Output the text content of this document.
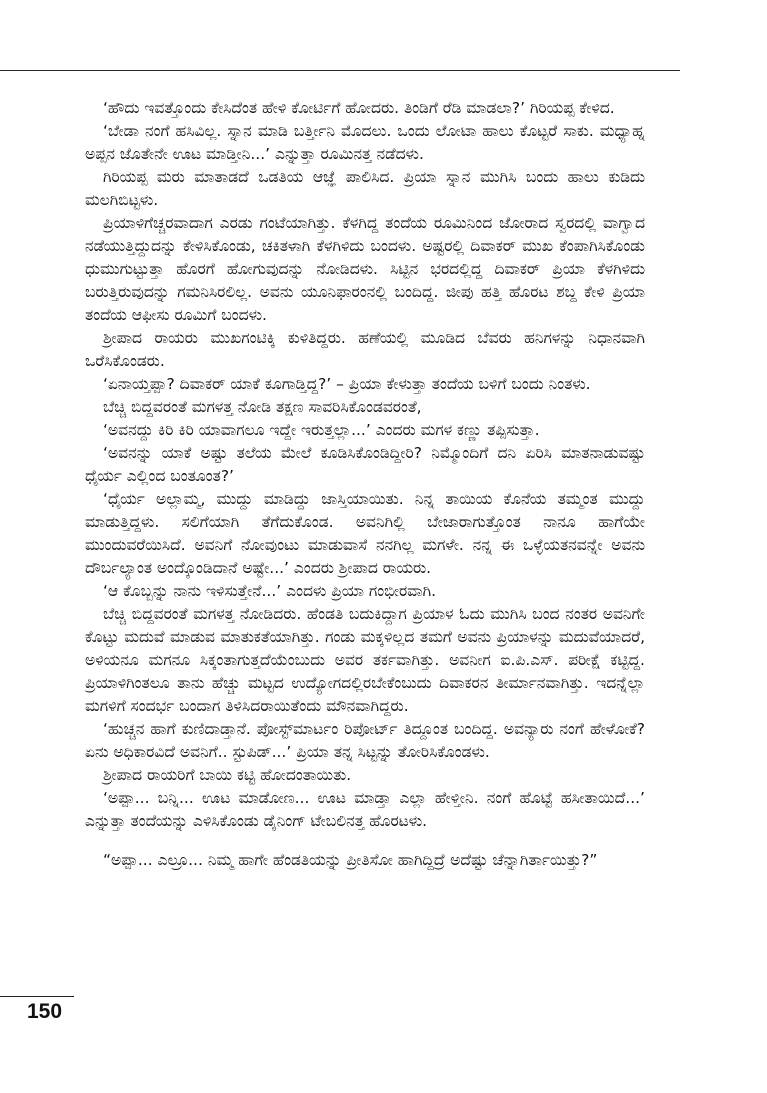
‘ಹೌದು ಇವತ್ತೊಂದು ಕೇಸಿದೆಂತ ಹೇಳಿ ಕೋರ್ಟಿಗೆ ಹೋದರು. ತಿಂಡಿಗೆ ರೆಡಿ ಮಾಡಲಾ?’ ಗಿರಿಯಪ್ಪ ಕೇಳಿದ.

‘ಬೇಡಾ ನಂಗೆ ಹಸಿವಿಲ್ಲ. ಸ್ನಾನ ಮಾಡಿ ಬರ್ತ್ತೀನಿ ಮೊದಲು. ಒಂದು ಲೋಟಾ ಹಾಲು ಕೊಟ್ಟರೆ ಸಾಕು. ಮಧ್ಯಾಹ್ನ ಅಪ್ಪನ ಜೊತೇನೇ ಊಟ ಮಾಡ್ತೀನಿ...’ ಎನ್ನುತ್ತಾ ರೂಮಿನತ್ತ ನಡೆದಳು.

ಗಿರಿಯಪ್ಪ ಮರು ಮಾತಾಡದೆ ಒಡತಿಯ ಆಜ್ಞೆ ಪಾಲಿಸಿದ. ಪ್ರಿಯಾ ಸ್ನಾನ ಮುಗಿಸಿ ಬಂದು ಹಾಲು ಕುಡಿದು ಮಲಗಿಬಿಟ್ಟಳು.

ಪ್ರಿಯಾಳಿಗೆಚ್ಚರವಾದಾಗ ಎರಡು ಗಂಟೆಯಾಗಿತ್ತು. ಕೆಳಗಿದ್ದ ತಂದೆಯ ರೂಮಿನಿಂದ ಜೋರಾದ ಸ್ವರದಲ್ಲಿ ವಾಗ್ವಾದ ನಡೆಯುತ್ತಿದ್ದುದನ್ನು ಕೇಳಿಸಿಕೊಂಡು, ಚಕಿತಳಾಗಿ ಕೆಳಗಿಳಿದು ಬಂದಳು. ಅಷ್ಟರಲ್ಲಿ ದಿವಾಕರ್ ಮುಖ ಕೆಂಪಾಗಿಸಿಕೊಂಡು ಧುಮುಗುಟ್ಟುತ್ತಾ ಹೊರಗೆ ಹೋಗುವುದನ್ನು ನೋಡಿದಳು. ಸಿಟ್ಟಿನ ಭರದಲ್ಲಿದ್ದ ದಿವಾಕರ್ ಪ್ರಿಯಾ ಕೆಳಗಿಳಿದು ಬರುತ್ತಿರುವುದನ್ನು ಗಮನಿಸಿರಲಿಲ್ಲ. ಅವನು ಯೂನಿಫಾರಂನಲ್ಲಿ ಬಂದಿದ್ದ. ಜೀಪು ಹತ್ತಿ ಹೊರಟ ಶಬ್ದ ಕೇಳಿ ಪ್ರಿಯಾ ತಂದೆಯ ಆಫೀಸು ರೂಮಿಗೆ ಬಂದಳು.

ಶ್ರೀಪಾದ ರಾಯರು ಮುಖಗಂಟಿಕ್ಕಿ ಕುಳಿತಿದ್ದರು. ಹಣೆಯಲ್ಲಿ ಮೂಡಿದ ಬೆವರು ಹನಿಗಳನ್ನು ನಿಧಾನವಾಗಿ ಒರೆಸಿಕೊಂಡರು.

‘ಏನಾಯ್ತಪ್ಪಾ? ದಿವಾಕರ್ ಯಾಕೆ ಕೂಗಾಡ್ತಿದ್ದ?’ – ಪ್ರಿಯಾ ಕೇಳುತ್ತಾ ತಂದೆಯ ಬಳಿಗೆ ಬಂದು ನಿಂತಳು.

ಬೆಚ್ಚಿ ಬಿದ್ದವರಂತೆ ಮಗಳತ್ತ ನೋಡಿ ತಕ್ಷಣ ಸಾವರಿಸಿಕೊಂಡವರಂತೆ,

‘ಅವನದ್ದು ಕಿರಿ ಕಿರಿ ಯಾವಾಗಲೂ ಇದ್ದೇ ಇರುತ್ತಲ್ಲಾ...’ ಎಂದರು ಮಗಳ ಕಣ್ಣು ತಪ್ಪಿಸುತ್ತಾ.

‘ಅವನನ್ನು ಯಾಕೆ ಅಷ್ಟು ತಲೆಯ ಮೇಲೆ ಕೂಡಿಸಿಕೊಂಡಿದ್ದೀರಿ? ನಿಮ್ಮೊಂದಿಗೆ ದನಿ ಏರಿಸಿ ಮಾತನಾಡುವಷ್ಟು ಧೈರ್ಯ ಎಲ್ಲಿಂದ ಬಂತೂಂತ?’

‘ಧೈರ್ಯ ಅಲ್ಲಾಮ್ಮ, ಮುದ್ದು ಮಾಡಿದ್ದು ಜಾಸ್ತಿಯಾಯಿತು. ನಿನ್ನ ತಾಯಿಯ ಕೊನೆಯ ತಮ್ಮಂತ ಮುದ್ದು ಮಾಡುತ್ತಿದ್ದಳು. ಸಲಿಗೆಯಾಗಿ ತೆಗೆದುಕೊಂಡ. ಅವನಿಗಿಲ್ಲಿ ಬೇಜಾರಾಗುತ್ತೊಂತ ನಾನೂ ಹಾಗೆಯೇ ಮುಂದುವರೆಯಿಸಿದೆ. ಅವನಿಗೆ ನೋವುಂಟು ಮಾಡುವಾಸೆ ನನಗಿಲ್ಲ ಮಗಳೇ. ನನ್ನ ಈ ಒಳ್ಳೆಯತನವನ್ನೇ ಅವನು ದೌರ್ಬಲ್ಯಾಂತ ಅಂದ್ಕೊಂಡಿದಾನೆ ಅಷ್ಟೇ...’ ಎಂದರು ಶ್ರೀಪಾದ ರಾಯರು.

‘ಆ ಕೊಬ್ಬನ್ನು ನಾನು ಇಳಿಸುತ್ತೇನೆ...’ ಎಂದಳು ಪ್ರಿಯಾ ಗಂಭೀರವಾಗಿ.

ಬೆಚ್ಚಿ ಬಿದ್ದವರಂತೆ ಮಗಳತ್ತ ನೋಡಿದರು. ಹೆಂಡತಿ ಬದುಕಿದ್ದಾಗ ಪ್ರಿಯಾಳ ಓದು ಮುಗಿಸಿ ಬಂದ ನಂತರ ಅವನಿಗೇ ಕೊಟ್ಟು ಮದುವೆ ಮಾಡುವ ಮಾತುಕತೆಯಾಗಿತ್ತು. ಗಂಡು ಮಕ್ಕಳಿಲ್ಲದ ತಮಗೆ ಅವನು ಪ್ರಿಯಾಳನ್ನು ಮದುವೆಯಾದರೆ, ಅಳಿಯನೂ ಮಗನೂ ಸಿಕ್ಕಂತಾಗುತ್ತದೆಯೆಂಬುದು ಅವರ ತರ್ಕವಾಗಿತ್ತು. ಅವನೀಗ ಐ.ಪಿ.ಎಸ್. ಪರೀಕ್ಷೆ ಕಟ್ಟಿದ್ದ. ಪ್ರಿಯಾಳಿಗಿಂತಲೂ ತಾನು ಹೆಚ್ಚು ಮಟ್ಟದ ಉದ್ಯೋಗದಲ್ಲಿರಬೇಕೆಂಬುದು ದಿವಾಕರನ ತೀರ್ಮಾನವಾಗಿತ್ತು. ಇದನ್ನೆಲ್ಲಾ ಮಗಳಿಗೆ ಸಂದರ್ಭ ಬಂದಾಗ ತಿಳಿಸಿದರಾಯಿತೆಂದು ಮೌನವಾಗಿದ್ದರು.

‘ಹುಚ್ಚನ ಹಾಗೆ ಕುಣಿದಾಡ್ತಾನೆ. ಪೋಸ್ಟ್‌ಮಾರ್ಟಂ ರಿಪೋರ್ಟ್ ತಿದ್ದೂಂತ ಬಂದಿದ್ದ. ಅವನ್ಯಾರು ನಂಗೆ ಹೇಳೋಕೆ? ಏನು ಅಧಿಕಾರವಿದೆ ಅವನಿಗೆ.. ಸ್ಟುಪಿಡ್...’ ಪ್ರಿಯಾ ತನ್ನ ಸಿಟ್ಟನ್ನು ತೋರಿಸಿಕೊಂಡಳು.

ಶ್ರೀಪಾದ ರಾಯರಿಗೆ ಬಾಯಿ ಕಟ್ಟಿ ಹೋದಂತಾಯಿತು.

‘ಅಪ್ಪಾ... ಬನ್ನಿ... ಊಟ ಮಾಡೋಣ... ಊಟ ಮಾಡ್ತಾ ಎಲ್ಲಾ ಹೇಳ್ತೀನಿ. ನಂಗೆ ಹೊಟ್ಟೆ ಹಸೀತಾಯಿದೆ...’ ಎನ್ನುತ್ತಾ ತಂದೆಯನ್ನು ಎಳಿಸಿಕೊಂಡು ಡೈನಿಂಗ್ ಟೇಬಲಿನತ್ತ ಹೊರಟಳು.

“ಅಪ್ಪಾ... ಎಲ್ರೂ... ನಿಮ್ಮ ಹಾಗೇ ಹೆಂಡತಿಯನ್ನು ಪ್ರೀತಿಸೋ ಹಾಗಿದ್ದಿದ್ರೆ ಅದೆಷ್ಟು ಚೆನ್ನಾಗಿರ್ತಾಯಿತ್ತು?”

150
